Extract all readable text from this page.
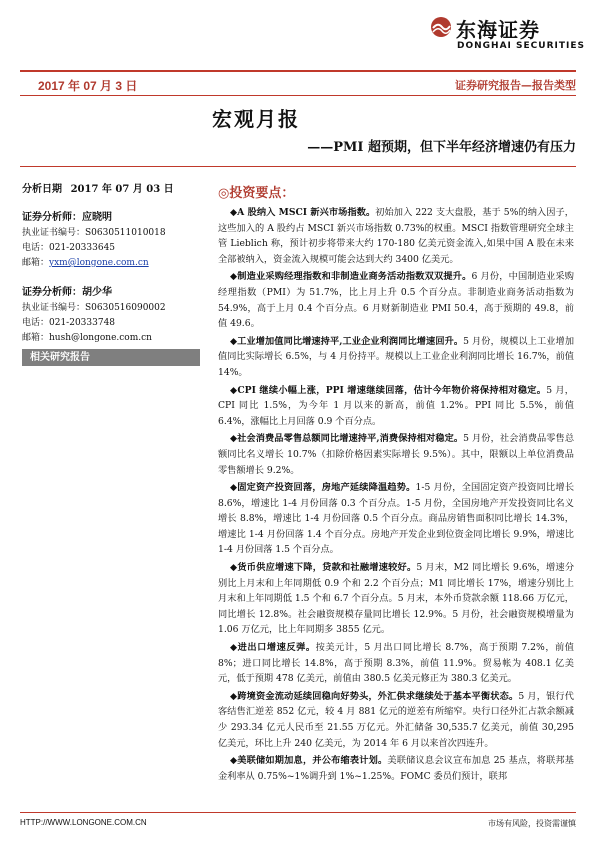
东海证券
DONGHAI SECURITIES
2017 年 07 月 3 日	证券研究报告—报告类型
宏观月报
——PMI 超预期，但下半年经济增速仍有压力
分析日期 2017 年 07 月 03 日
证券分析师：应晓明
执业证书编号：S0630511010018
电话：021-20333645
邮箱：yxm@longone.com.cn
证券分析师：胡少华
执业证书编号：S0630516090002
电话：021-20333748
邮箱：hush@longone.com.cn
相关研究报告
◎投资要点：

◆A 股纳入 MSCI 新兴市场指数。初始加入 222 支大盘股，基于 5%的纳入因子，这些加入的 A 股约占 MSCI 新兴市场指数 0.73%的权重。MSCI 指数管理研究全球主管 Lieblich 称，预计初步将带来大约 170-180 亿美元资金流入,如果中国 A 股在未来全部被纳入，资金流入规模可能会达到大约 3400 亿美元。

◆制造业采购经理指数和非制造业商务活动指数双双提升。6 月份，中国制造业采购经理指数（PMI）为 51.7%，比上月上升 0.5 个百分点。非制造业商务活动指数为 54.9%，高于上月 0.4 个百分点。6 月财新制造业 PMI 50.4，高于预期的 49.8，前值 49.6。

◆工业增加值同比增速持平,工业企业利润同比增速回升。5 月份，规模以上工业增加值同比实际增长 6.5%，与 4 月份持平。规模以上工业企业利润同比增长 16.7%，前值 14%。

◆CPI 继续小幅上涨，PPI 增速继续回落，估计今年物价将保持相对稳定。5 月，CPI 同比 1.5%，为今年 1 月以来的新高，前值 1.2%。PPI 同比 5.5%，前值 6.4%，涨幅比上月回落 0.9 个百分点。

◆社会消费品零售总额同比增速持平,消费保持相对稳定。5 月份，社会消费品零售总额同比名义增长 10.7%（扣除价格因素实际增长 9.5%）。其中，限额以上单位消费品零售额增长 9.2%。

◆固定资产投资回落，房地产延续降温趋势。1-5 月份，全国固定资产投资同比增长 8.6%，增速比 1-4 月份回落 0.3 个百分点。1-5 月份，全国房地产开发投资同比名义增长 8.8%，增速比 1-4 月份回落 0.5 个百分点。商品房销售面积同比增长 14.3%，增速比 1-4 月份回落 1.4 个百分点。房地产开发企业到位资金同比增长 9.9%，增速比 1-4 月份回落 1.5 个百分点。

◆货币供应增速下降，贷款和社融增速较好。5 月末，M2 同比增长 9.6%，增速分别比上月末和上年同期低 0.9 个和 2.2 个百分点；M1 同比增长 17%，增速分别比上月末和上年同期低 1.5 个和 6.7 个百分点。5 月末，本外币贷款余额 118.66 万亿元，同比增长 12.8%。社会融资规模存量同比增长 12.9%。5 月份，社会融资规模增量为 1.06 万亿元，比上年同期多 3855 亿元。

◆进出口增速反弹。按美元计，5 月出口同比增长 8.7%，高于预期 7.2%，前值 8%；进口同比增长 14.8%，高于预期 8.3%，前值 11.9%。贸易帐为 408.1 亿美元，低于预期 478 亿美元，前值由 380.5 亿美元修正为 380.3 亿美元。

◆跨境资金流动延续回稳向好势头，外汇供求继续处于基本平衡状态。5 月，银行代客结售汇逆差 852 亿元，较 4 月 881 亿元的逆差有所缩窄。央行口径外汇占款余额减少 293.34 亿元人民币至 21.55 万亿元。外汇储备 30,535.7 亿美元，前值 30,295 亿美元，环比上升 240 亿美元，为 2014 年 6 月以来首次四连升。

◆美联储如期加息，并公布缩表计划。美联储议息会议宣布加息 25 基点，将联邦基金利率从 0.75%~1%调升到 1%~1.25%。FOMC 委员们预计，联邦

HTTP://WWW.LONGONE.COM.CN	市场有风险，投资需谨慎
